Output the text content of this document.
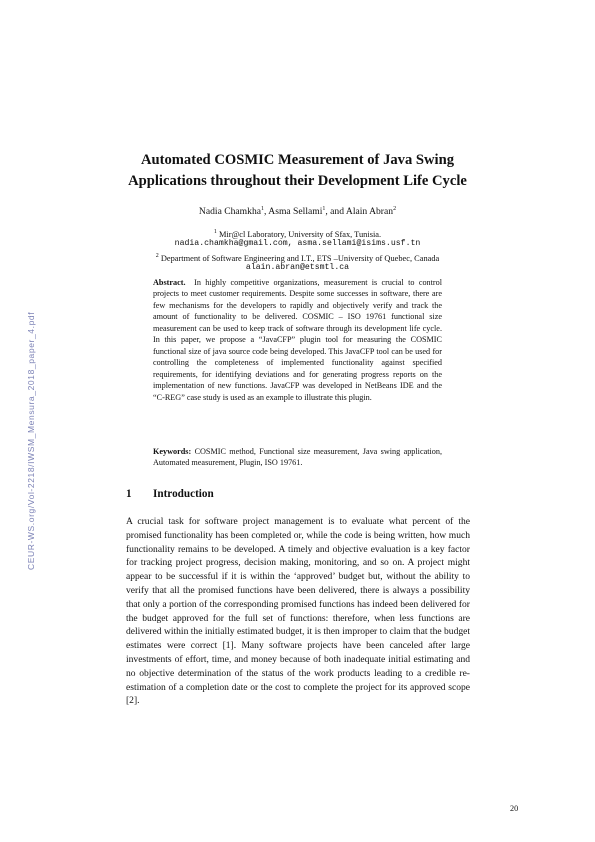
CEUR-WS.org/Vol-2218/IWSM_Mensura_2018_paper_4.pdf
Automated COSMIC Measurement of Java Swing
Applications throughout their Development Life Cycle
Nadia Chamkha$^1$, Asma Sellami$^1$, and Alain Abran$^2$
$^1$ Mir@cl Laboratory, University of Sfax, Tunisia.
nadia.chamkha@gmail.com, asma.sellami@isims.usf.tn
$^2$ Department of Software Engineering and I.T., ETS –University of Quebec, Canada
alain.abran@etsmtl.ca
Abstract. In highly competitive organizations, measurement is crucial to control projects to meet customer requirements. Despite some successes in software, there are few mechanisms for the developers to rapidly and objectively verify and track the amount of functionality to be delivered. COSMIC – ISO 19761 functional size measurement can be used to keep track of software through its development life cycle. In this paper, we propose a “JavaCFP” plugin tool for measuring the COSMIC functional size of java source code being developed. This JavaCFP tool can be used for controlling the completeness of implemented functionality against specified requirements, for identifying deviations and for generating progress reports on the implementation of new functions. JavaCFP was developed in NetBeans IDE and the “C-REG” case study is used as an example to illustrate this plugin.
Keywords: COSMIC method, Functional size measurement, Java swing application, Automated measurement, Plugin, ISO 19761.
1 Introduction
A crucial task for software project management is to evaluate what percent of the promised functionality has been completed or, while the code is being written, how much functionality remains to be developed. A timely and objective evaluation is a key factor for tracking project progress, decision making, monitoring, and so on. A project might appear to be successful if it is within the ‘approved’ budget but, without the ability to verify that all the promised functions have been delivered, there is always a possibility that only a portion of the corresponding promised functions has indeed been delivered for the budget approved for the full set of functions: therefore, when less functions are delivered within the initially estimated budget, it is then improper to claim that the budget estimates were correct [1]. Many software projects have been canceled after large investments of effort, time, and money because of both inadequate initial estimating and no objective determination of the status of the work products leading to a credible re-estimation of a completion date or the cost to complete the project for its approved scope [2].
20
